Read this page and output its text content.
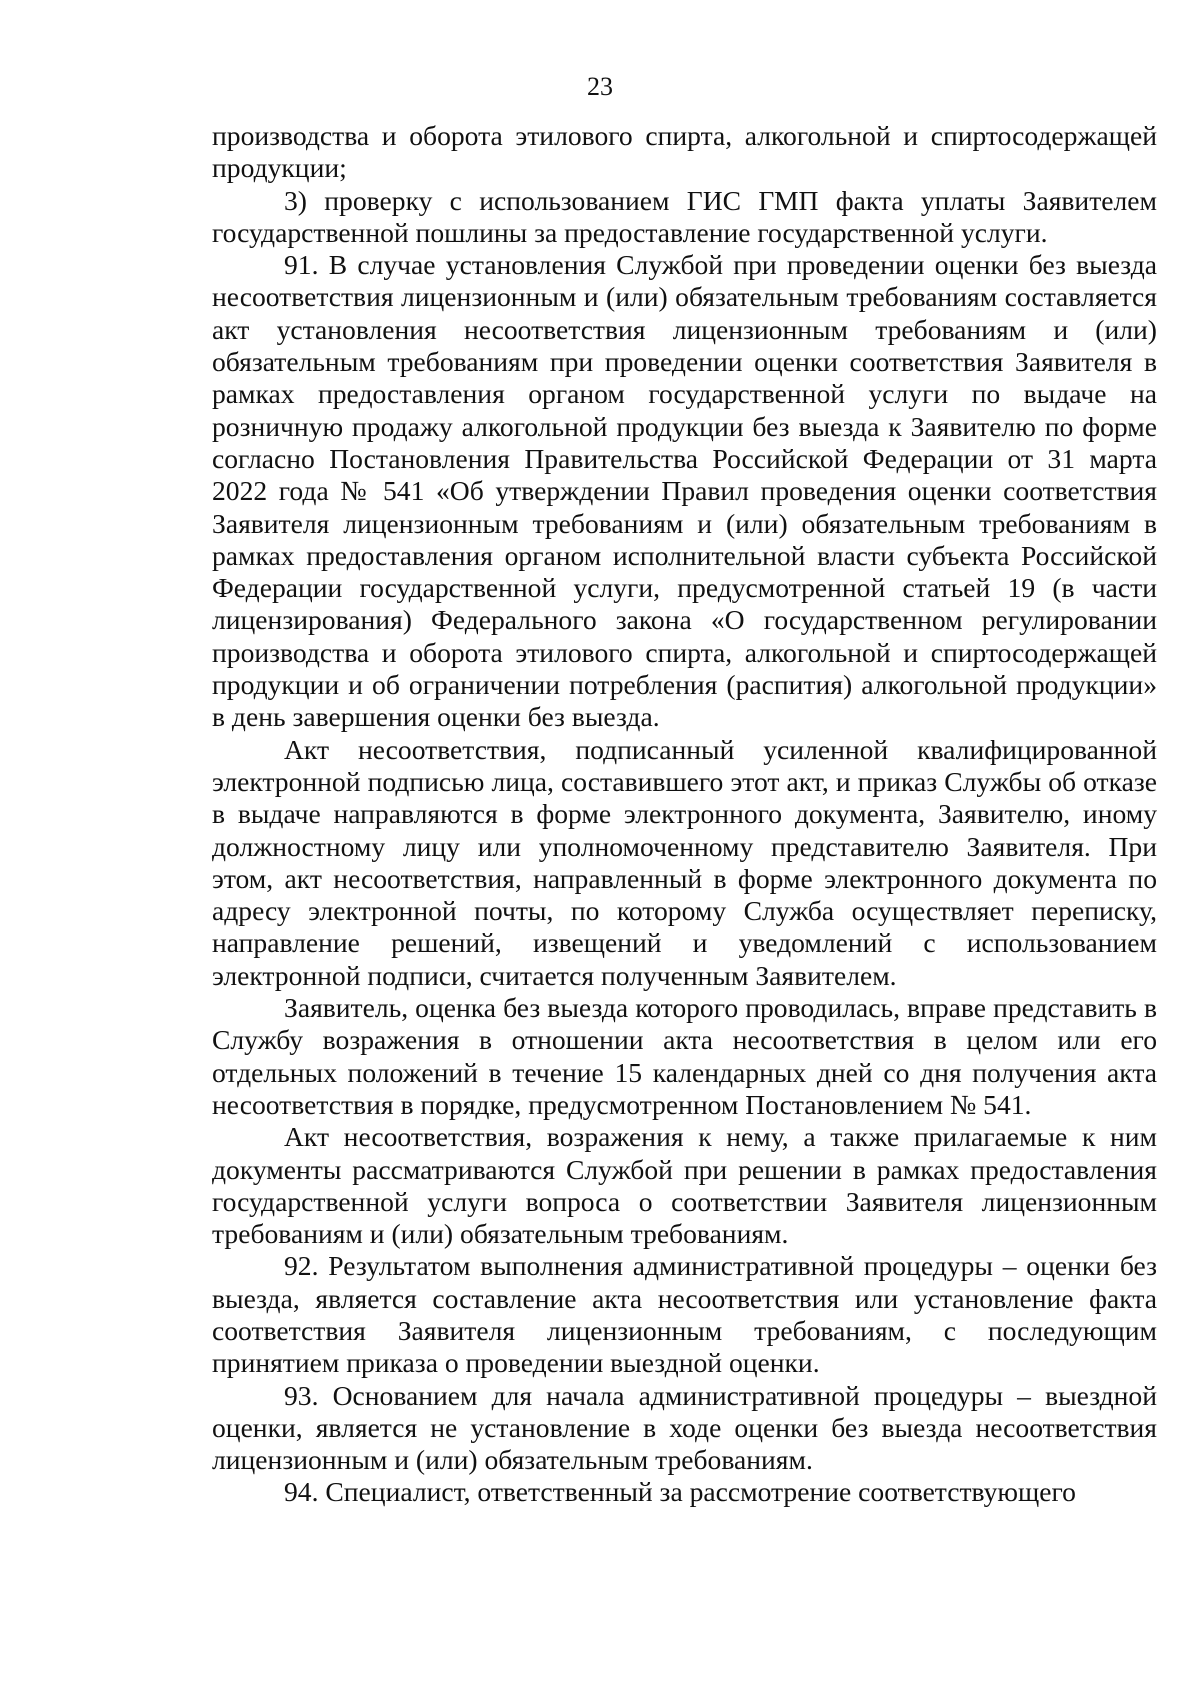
23

производства и оборота этилового спирта, алкогольной и спиртосодержащей продукции;

3) проверку с использованием ГИС ГМП факта уплаты Заявителем государственной пошлины за предоставление государственной услуги.

91. В случае установления Службой при проведении оценки без выезда несоответствия лицензионным и (или) обязательным требованиям составляется акт установления несоответствия лицензионным требованиям и (или) обязательным требованиям при проведении оценки соответствия Заявителя в рамках предоставления органом государственной услуги по выдаче на розничную продажу алкогольной продукции без выезда к Заявителю по форме согласно Постановления Правительства Российской Федерации от 31 марта 2022 года № 541 «Об утверждении Правил проведения оценки соответствия Заявителя лицензионным требованиям и (или) обязательным требованиям в рамках предоставления органом исполнительной власти субъекта Российской Федерации государственной услуги, предусмотренной статьей 19 (в части лицензирования) Федерального закона «О государственном регулировании производства и оборота этилового спирта, алкогольной и спиртосодержащей продукции и об ограничении потребления (распития) алкогольной продукции» в день завершения оценки без выезда.

Акт несоответствия, подписанный усиленной квалифицированной электронной подписью лица, составившего этот акт, и приказ Службы об отказе в выдаче направляются в форме электронного документа, Заявителю, иному должностному лицу или уполномоченному представителю Заявителя. При этом, акт несоответствия, направленный в форме электронного документа по адресу электронной почты, по которому Служба осуществляет переписку, направление решений, извещений и уведомлений с использованием электронной подписи, считается полученным Заявителем.

Заявитель, оценка без выезда которого проводилась, вправе представить в Службу возражения в отношении акта несоответствия в целом или его отдельных положений в течение 15 календарных дней со дня получения акта несоответствия в порядке, предусмотренном Постановлением № 541.

Акт несоответствия, возражения к нему, а также прилагаемые к ним документы рассматриваются Службой при решении в рамках предоставления государственной услуги вопроса о соответствии Заявителя лицензионным требованиям и (или) обязательным требованиям.

92. Результатом выполнения административной процедуры – оценки без выезда, является составление акта несоответствия или установление факта соответствия Заявителя лицензионным требованиям, с последующим принятием приказа о проведении выездной оценки.

93. Основанием для начала административной процедуры – выездной оценки, является не установление в ходе оценки без выезда несоответствия лицензионным и (или) обязательным требованиям.

94. Специалист, ответственный за рассмотрение соответствующего
